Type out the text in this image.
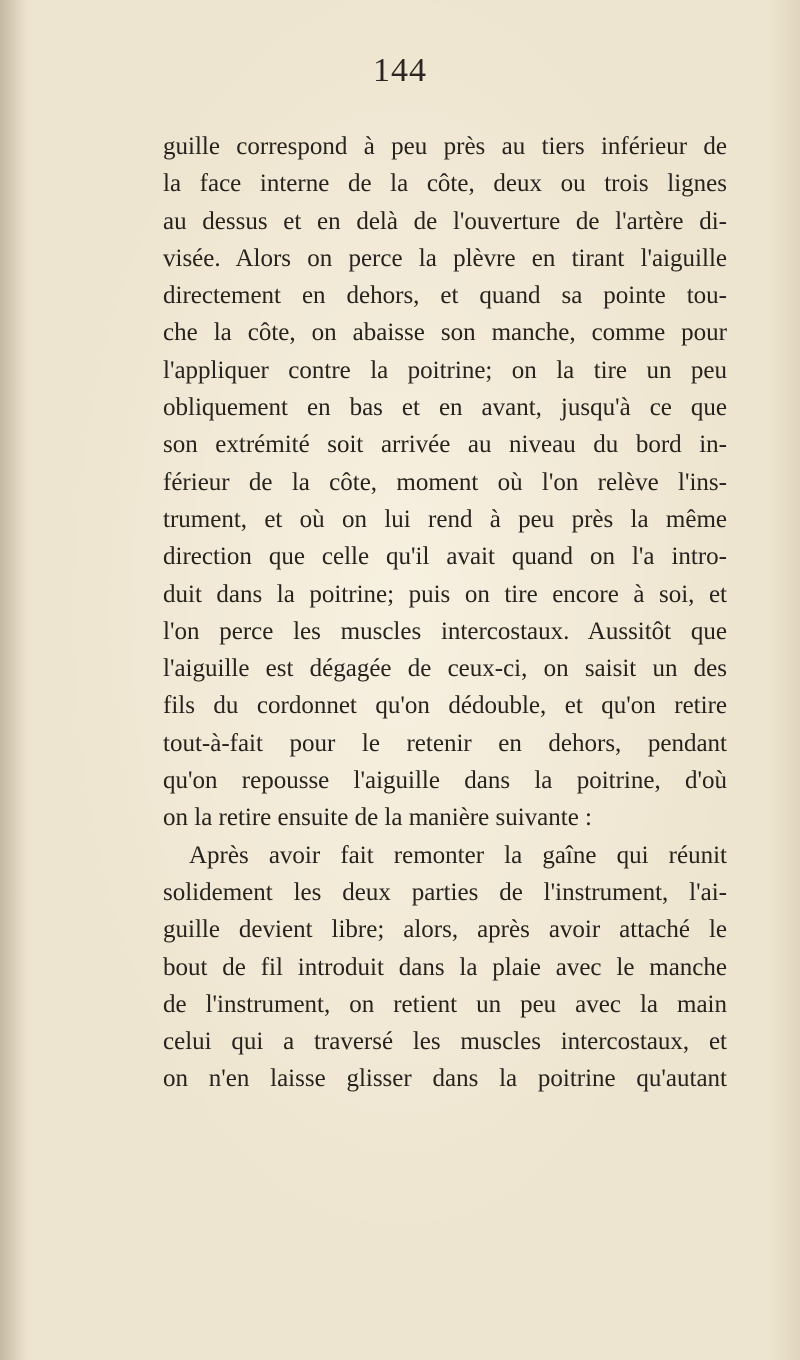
144
guille correspond à peu près au tiers inférieur de
la face interne de la côte, deux ou trois lignes
au dessus et en delà de l'ouverture de l'artère di-
visée. Alors on perce la plèvre en tirant l'aiguille
directement en dehors, et quand sa pointe tou-
che la côte, on abaisse son manche, comme pour
l'appliquer contre la poitrine; on la tire un peu
obliquement en bas et en avant, jusqu'à ce que
son extrémité soit arrivée au niveau du bord in-
férieur de la côte, moment où l'on relève l'ins-
trument, et où on lui rend à peu près la même
direction que celle qu'il avait quand on l'a intro-
duit dans la poitrine; puis on tire encore à soi, et
l'on perce les muscles intercostaux. Aussitôt que
l'aiguille est dégagée de ceux-ci, on saisit un des
fils du cordonnet qu'on dédouble, et qu'on retire
tout-à-fait pour le retenir en dehors, pendant
qu'on repousse l'aiguille dans la poitrine, d'où
on la retire ensuite de la manière suivante :
Après avoir fait remonter la gaîne qui réunit
solidement les deux parties de l'instrument, l'ai-
guille devient libre; alors, après avoir attaché le
bout de fil introduit dans la plaie avec le manche
de l'instrument, on retient un peu avec la main
celui qui a traversé les muscles intercostaux, et
on n'en laisse glisser dans la poitrine qu'autant
